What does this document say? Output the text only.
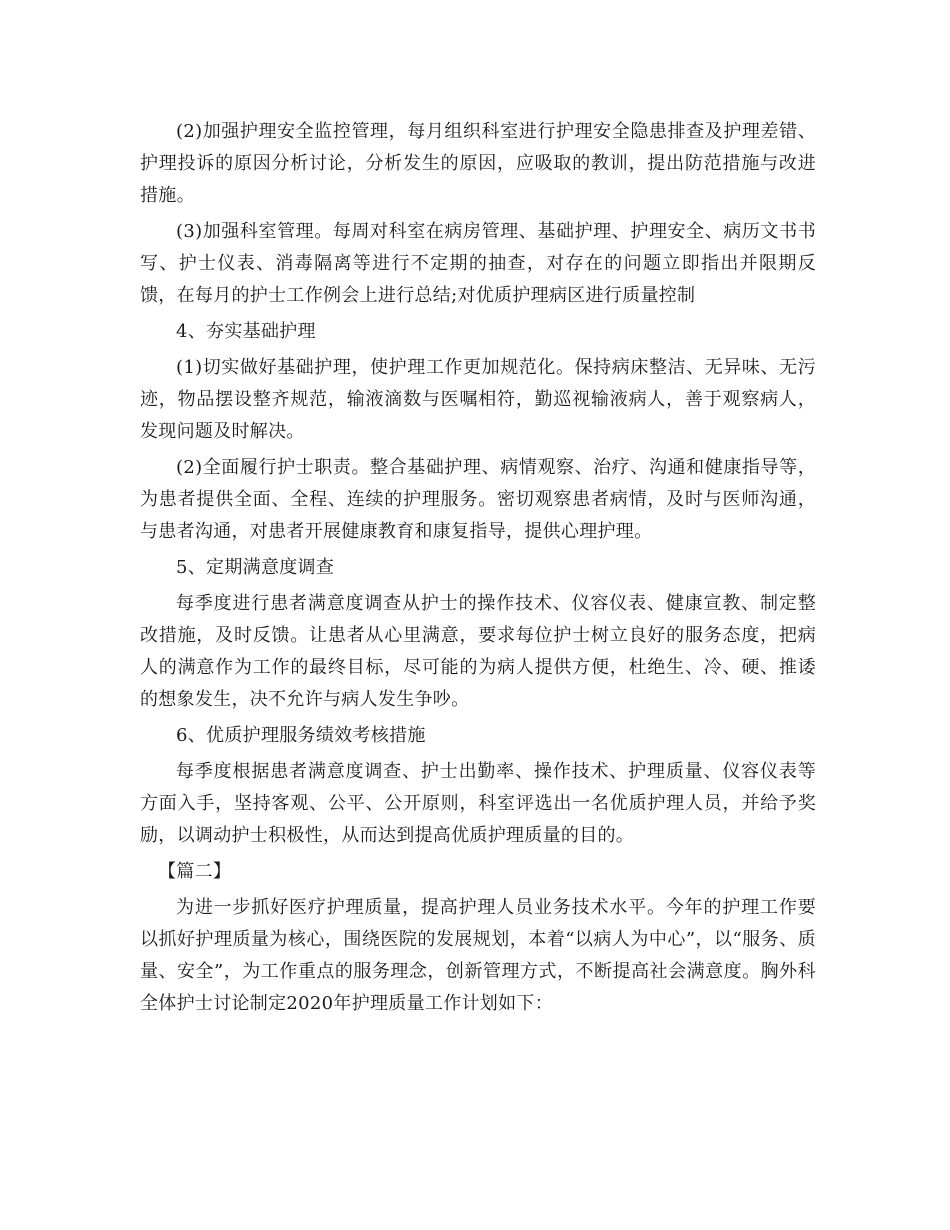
(2)加强护理安全监控管理，每月组织科室进行护理安全隐患排查及护理差错、护理投诉的原因分析讨论，分析发生的原因，应吸取的教训，提出防范措施与改进措施。

(3)加强科室管理。每周对科室在病房管理、基础护理、护理安全、病历文书书写、护士仪表、消毒隔离等进行不定期的抽查，对存在的问题立即指出并限期反馈，在每月的护士工作例会上进行总结;对优质护理病区进行质量控制

4、夯实基础护理

(1)切实做好基础护理，使护理工作更加规范化。保持病床整洁、无异味、无污迹，物品摆设整齐规范，输液滴数与医嘱相符，勤巡视输液病人，善于观察病人，发现问题及时解决。

(2)全面履行护士职责。整合基础护理、病情观察、治疗、沟通和健康指导等，为患者提供全面、全程、连续的护理服务。密切观察患者病情，及时与医师沟通，与患者沟通，对患者开展健康教育和康复指导，提供心理护理。

5、定期满意度调查

每季度进行患者满意度调查从护士的操作技术、仪容仪表、健康宣教、制定整改措施，及时反馈。让患者从心里满意，要求每位护士树立良好的服务态度，把病人的满意作为工作的最终目标，尽可能的为病人提供方便，杜绝生、冷、硬、推诿的想象发生，决不允许与病人发生争吵。

6、优质护理服务绩效考核措施

每季度根据患者满意度调查、护士出勤率、操作技术、护理质量、仪容仪表等方面入手，坚持客观、公平、公开原则，科室评选出一名优质护理人员，并给予奖励，以调动护士积极性，从而达到提高优质护理质量的目的。

【篇二】

为进一步抓好医疗护理质量，提高护理人员业务技术水平。今年的护理工作要以抓好护理质量为核心，围绕医院的发展规划，本着“以病人为中心”，以“服务、质量、安全”，为工作重点的服务理念，创新管理方式，不断提高社会满意度。胸外科全体护士讨论制定2020年护理质量工作计划如下：
